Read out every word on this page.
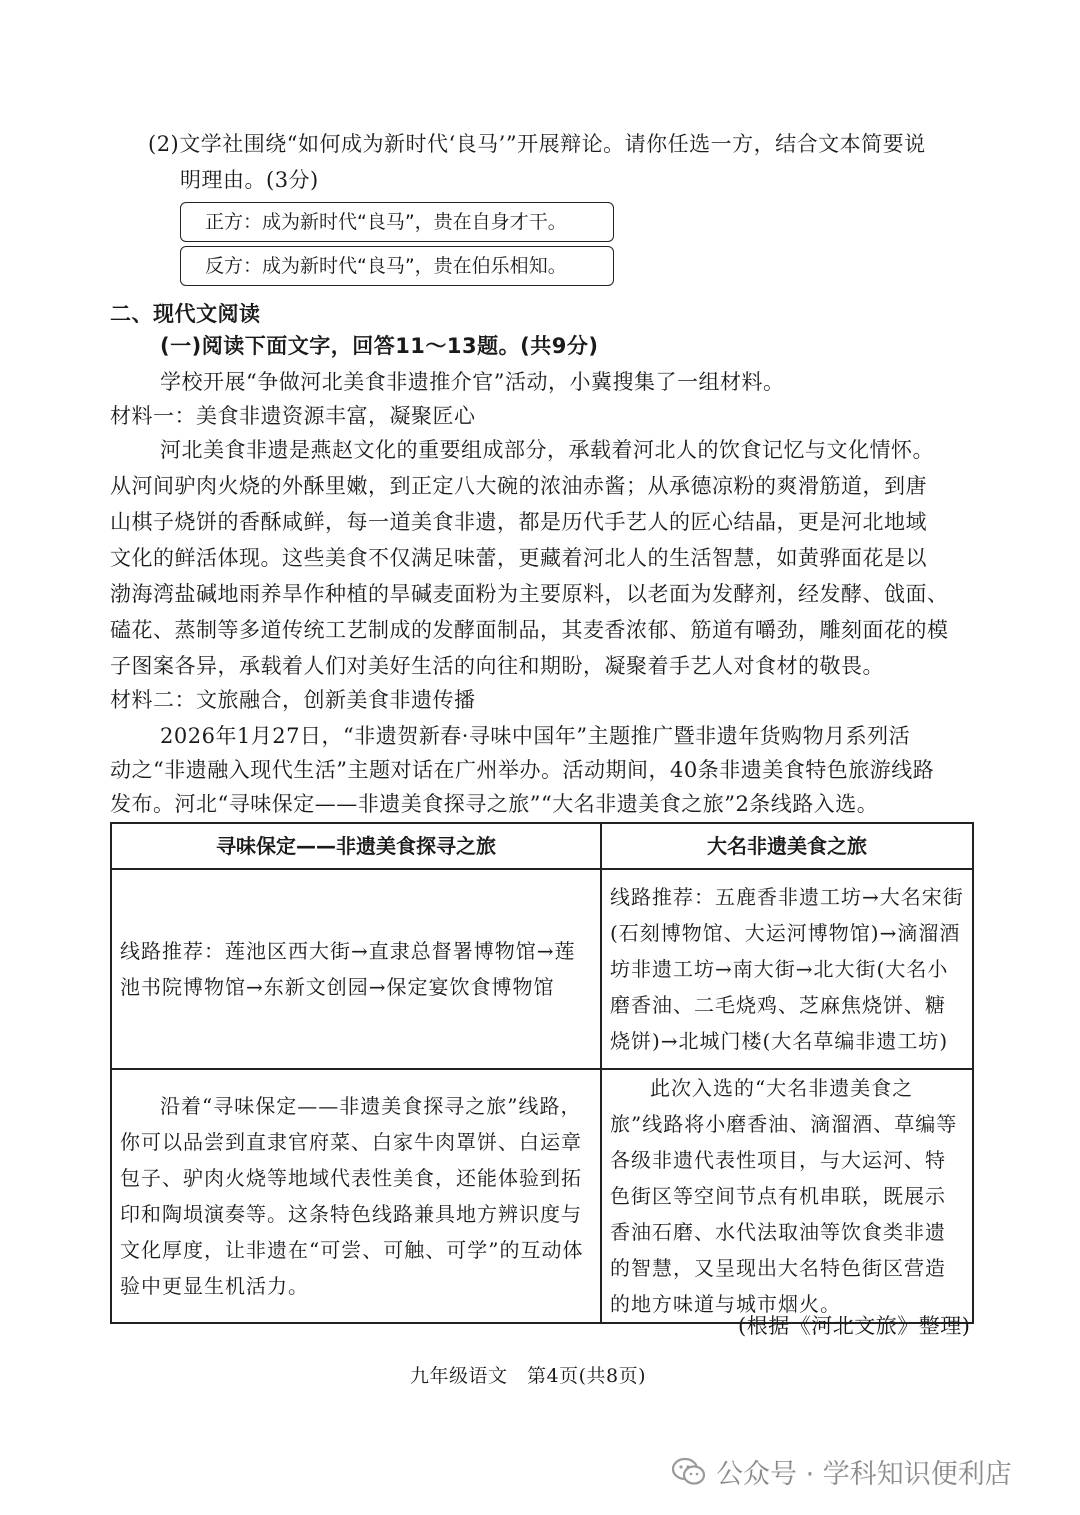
(2)文学社围绕“如何成为新时代‘良马’”开展辩论。请你任选一方，结合文本简要说
明理由。(3分)
正方：成为新时代“良马”，贵在自身才干。
反方：成为新时代“良马”，贵在伯乐相知。
二、现代文阅读
(一)阅读下面文字，回答11～13题。(共9分)
学校开展“争做河北美食非遗推介官”活动，小冀搜集了一组材料。
材料一：美食非遗资源丰富，凝聚匠心
河北美食非遗是燕赵文化的重要组成部分，承载着河北人的饮食记忆与文化情怀。
从河间驴肉火烧的外酥里嫩，到正定八大碗的浓油赤酱；从承德凉粉的爽滑筋道，到唐
山棋子烧饼的香酥咸鲜，每一道美食非遗，都是历代手艺人的匠心结晶，更是河北地域
文化的鲜活体现。这些美食不仅满足味蕾，更藏着河北人的生活智慧，如黄骅面花是以
渤海湾盐碱地雨养旱作种植的旱碱麦面粉为主要原料，以老面为发酵剂，经发酵、戗面、
磕花、蒸制等多道传统工艺制成的发酵面制品，其麦香浓郁、筋道有嚼劲，雕刻面花的模
子图案各异，承载着人们对美好生活的向往和期盼，凝聚着手艺人对食材的敬畏。
材料二：文旅融合，创新美食非遗传播
2026年1月27日，“非遗贺新春·寻味中国年”主题推广暨非遗年货购物月系列活
动之“非遗融入现代生活”主题对话在广州举办。活动期间，40条非遗美食特色旅游线路
发布。河北“寻味保定——非遗美食探寻之旅”“大名非遗美食之旅”2条线路入选。
寻味保定——非遗美食探寻之旅	大名非遗美食之旅

线路推荐：莲池区西大街→直隶总督署博物馆→莲池书院博物馆→东新文创园→保定宴饮食博物馆	线路推荐：五鹿香非遗工坊→大名宋街(石刻博物馆、大运河博物馆)→滴溜酒坊非遗工坊→南大街→北大街(大名小磨香油、二毛烧鸡、芝麻焦烧饼、糖烧饼)→北城门楼(大名草编非遗工坊)

沿着“寻味保定——非遗美食探寻之旅”线路，你可以品尝到直隶官府菜、白家牛肉罩饼、白运章包子、驴肉火烧等地域代表性美食，还能体验到拓印和陶埙演奏等。这条特色线路兼具地方辨识度与文化厚度，让非遗在“可尝、可触、可学”的互动体验中更显生机活力。	此次入选的“大名非遗美食之旅”线路将小磨香油、滴溜酒、草编等各级非遗代表性项目，与大运河、特色街区等空间节点有机串联，既展示香油石磨、水代法取油等饮食类非遗的智慧，又呈现出大名特色街区营造的地方味道与城市烟火。
(根据《河北文旅》整理)
九年级语文　第4页(共8页)
公众号 · 学科知识便利店
